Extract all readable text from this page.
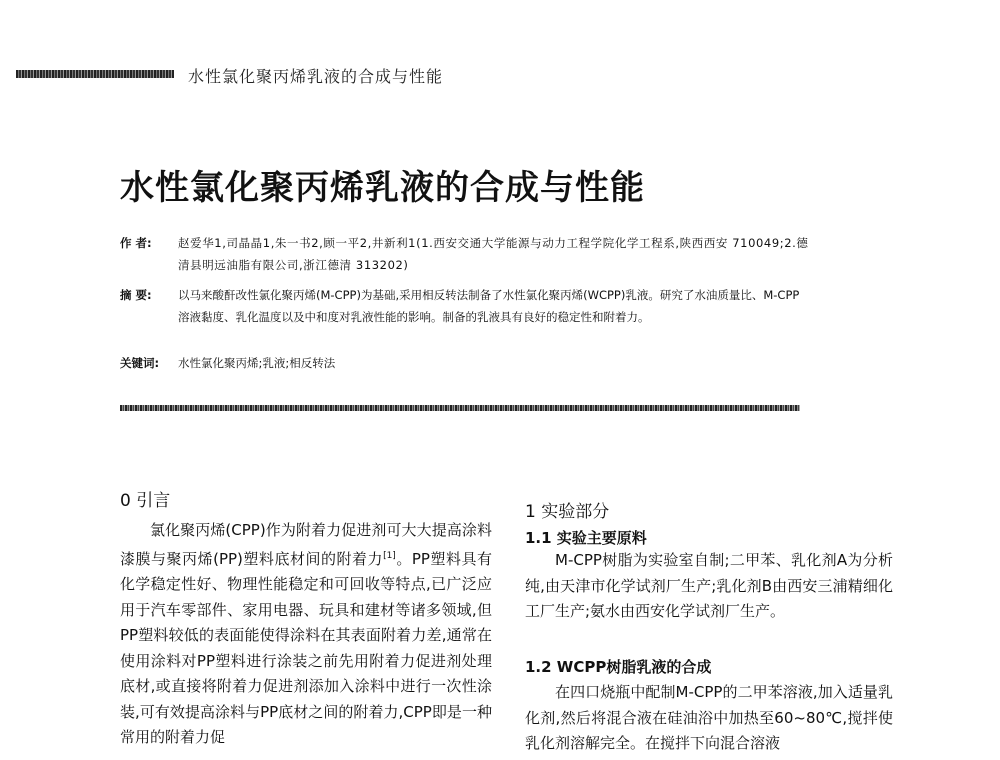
水性氯化聚丙烯乳液的合成与性能
水性氯化聚丙烯乳液的合成与性能
作 者:	赵爱华1,司晶晶1,朱一书2,顾一平2,井新利1(1.西安交通大学能源与动力工程学院化学工程系,陕西西安 710049;2.德清县明远油脂有限公司,浙江德清 313202)
摘 要:	以马来酸酐改性氯化聚丙烯(M-CPP)为基础,采用相反转法制备了水性氯化聚丙烯(WCPP)乳液。研究了水油质量比、M-CPP溶液黏度、乳化温度以及中和度对乳液性能的影响。制备的乳液具有良好的稳定性和附着力。
关键词:	水性氯化聚丙烯;乳液;相反转法
0 引言

氯化聚丙烯(CPP)作为附着力促进剂可大大提高涂料漆膜与聚丙烯(PP)塑料底材间的附着力[1]。PP塑料具有化学稳定性好、物理性能稳定和可回收等特点,已广泛应用于汽车零部件、家用电器、玩具和建材等诸多领域,但PP塑料较低的表面能使得涂料在其表面附着力差,通常在使用涂料对PP塑料进行涂装之前先用附着力促进剂处理底材,或直接将附着力促进剂添加入涂料中进行一次性涂装,可有效提高涂料与PP底材之间的附着力,CPP即是一种常用的附着力促

1 实验部分
1.1 实验主要原料

M-CPP树脂为实验室自制;二甲苯、乳化剂A为分析纯,由天津市化学试剂厂生产;乳化剂B由西安三浦精细化工厂生产;氨水由西安化学试剂厂生产。

1.2 WCPP树脂乳液的合成

在四口烧瓶中配制M-CPP的二甲苯溶液,加入适量乳化剂,然后将混合液在硅油浴中加热至60~80℃,搅拌使乳化剂溶解完全。在搅拌下向混合溶液
